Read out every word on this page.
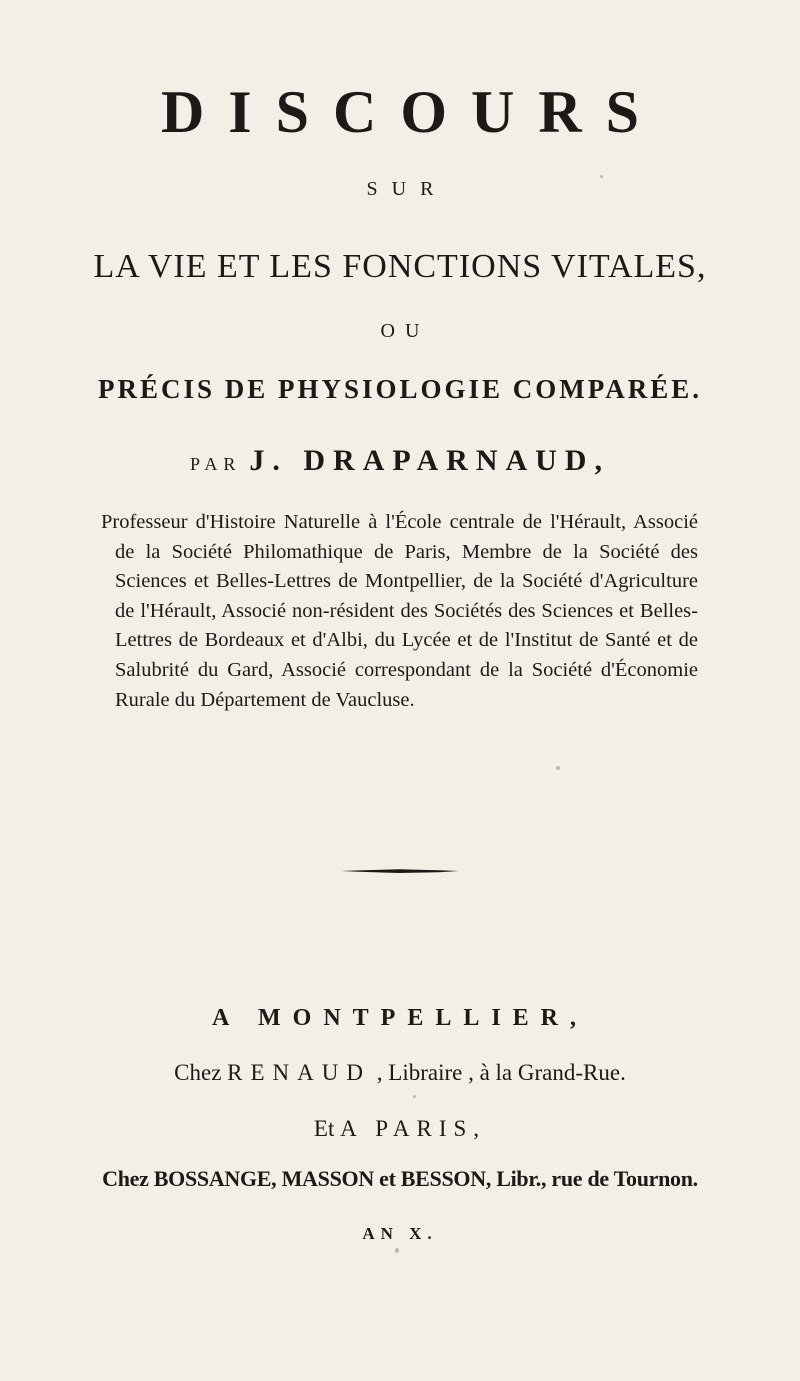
DISCOURS
SUR
LA VIE ET LES FONCTIONS VITALES,
OU
PRÉCIS DE PHYSIOLOGIE COMPARÉE.
PAR J. DRAPARNAUD,
Professeur d'Histoire Naturelle à l'École centrale de l'Hérault, Associé de la Société Philomathique de Paris, Membre de la Société des Sciences et Belles-Lettres de Montpellier, de la Société d'Agriculture de l'Hérault, Associé non-résident des Sociétés des Sciences et Belles-Lettres de Bordeaux et d'Albi, du Lycée et de l'Institut de Santé et de Salubrité du Gard, Associé correspondant de la Société d'Économie Rurale du Département de Vaucluse.
A MONTPELLIER,
Chez RENAUD , Libraire , à la Grand-Rue.
Et A PARIS,
Chez BOSSANGE, MASSON et BESSON, Libr., rue de Tournon.
AN X.
